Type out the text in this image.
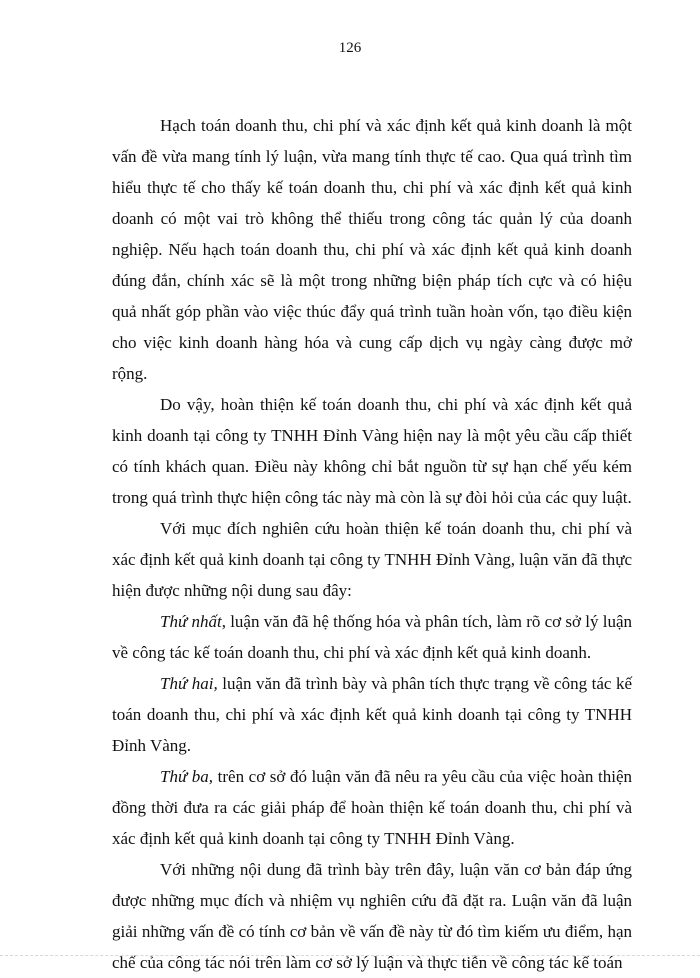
126

Hạch toán doanh thu, chi phí và xác định kết quả kinh doanh là một vấn đề vừa mang tính lý luận, vừa mang tính thực tế cao. Qua quá trình tìm hiểu thực tế cho thấy kế toán doanh thu, chi phí và xác định kết quả kinh doanh có một vai trò không thể thiếu trong công tác quản lý của doanh nghiệp. Nếu hạch toán doanh thu, chi phí và xác định kết quả kinh doanh đúng đắn, chính xác sẽ là một trong những biện pháp tích cực và có hiệu quả nhất góp phần vào việc thúc đẩy quá trình tuần hoàn vốn, tạo điều kiện cho việc kinh doanh hàng hóa và cung cấp dịch vụ ngày càng được mở rộng.

Do vậy, hoàn thiện kế toán doanh thu, chi phí và xác định kết quả kinh doanh tại công ty TNHH Đỉnh Vàng hiện nay là một yêu cầu cấp thiết có tính khách quan. Điều này không chỉ bắt nguồn từ sự hạn chế yếu kém trong quá trình thực hiện công tác này mà còn là sự đòi hỏi của các quy luật.

Với mục đích nghiên cứu hoàn thiện kế toán doanh thu, chi phí và xác định kết quả kinh doanh tại công ty TNHH Đỉnh Vàng, luận văn đã thực hiện được những nội dung sau đây:

Thứ nhất, luận văn đã hệ thống hóa và phân tích, làm rõ cơ sở lý luận về công tác kế toán doanh thu, chi phí và xác định kết quả kinh doanh.

Thứ hai, luận văn đã trình bày và phân tích thực trạng về công tác kế toán doanh thu, chi phí và xác định kết quả kinh doanh tại công ty TNHH Đỉnh Vàng.

Thứ ba, trên cơ sở đó luận văn đã nêu ra yêu cầu của việc hoàn thiện đồng thời đưa ra các giải pháp để hoàn thiện kế toán doanh thu, chi phí và xác định kết quả kinh doanh tại công ty TNHH Đỉnh Vàng.

Với những nội dung đã trình bày trên đây, luận văn cơ bản đáp ứng được những mục đích và nhiệm vụ nghiên cứu đã đặt ra. Luận văn đã luận giải những vấn đề có tính cơ bản về vấn đề này từ đó tìm kiếm ưu điểm, hạn chế của công tác nói trên làm cơ sở lý luận và thực tiễn về công tác kế toán
